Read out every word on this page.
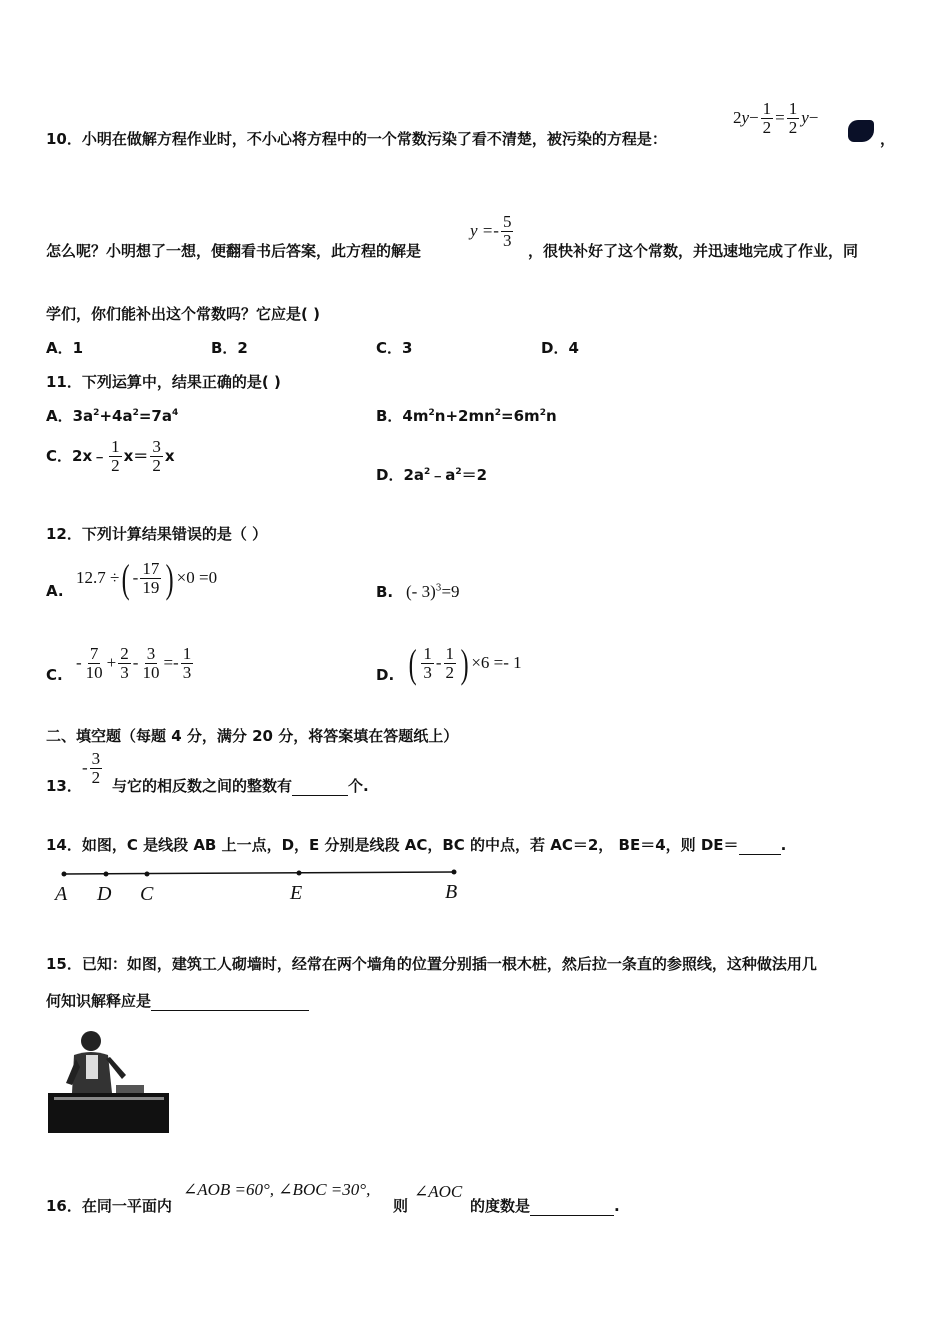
10．小明在做解方程作业时，不小心将方程中的一个常数污染了看不清楚，被污染的方程是：
$2y- \frac{1}{2} = \frac{1}{2} y-$
，
怎么呢？小明想了一想，便翻看书后答案，此方程的解是
$y =- \frac{5}{3}$
，很快补好了这个常数，并迅速地完成了作业，同
学们，你们能补出这个常数吗？它应是( )
A．1	B．2	C．3	D．4
11．下列运算中，结果正确的是( )
A．$3a^2+4a^2=7a^4$	B．$4m^2n+2mn^2=6m^2n$
C．2x﹣ $\frac{1}{2} x= \frac{3}{2}$ x
D．$2a^2﹣a^2=2$
12．下列计算结果错误的是（ ）
A.
12.7 ÷( - $\frac{17}{19}$ ) ×0 =0
B. (- 3)$^3$=9
C.
- $\frac{7}{10} + \frac{2}{3} - \frac{3}{10} =- \frac{1}{3}$	D. ( $\frac{1}{3} - \frac{1}{2}$ ) ×6 =- 1
二、填空题（每题 4 分，满分 20 分，将答案填在答题纸上）
13．
- $\frac{3}{2}$ 与它的相反数之间的整数有	个.
14．如图，C 是线段 AB 上一点，D，E 分别是线段 AC，BC 的中点，若 AC＝2， BE＝4，则 DE＝	.
A D C	E	B
15．已知：如图，建筑工人砌墙时，经常在两个墙角的位置分别插一根木桩，然后拉一条直的参照线，这种做法用几
何知识解释应是
16．在同一平面内
∠AOB =60°, ∠BOC =30°,
则
∠AOC
的度数是	.
